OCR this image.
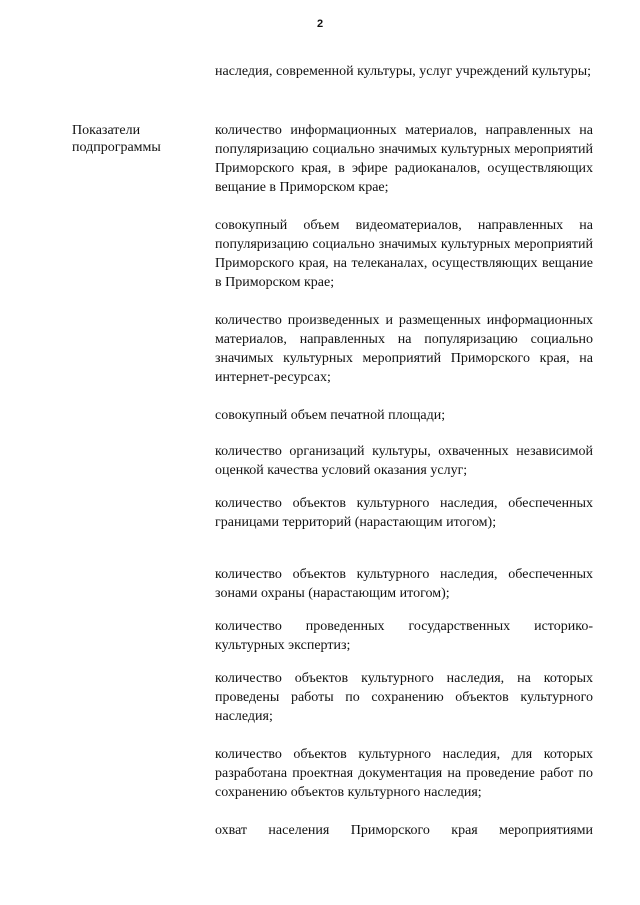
2
Показатели подпрограммы
наследия, современной культуры, услуг учреждений культуры;
количество информационных материалов, направленных на популяризацию социально значимых культурных мероприятий Приморского края, в эфире радиоканалов, осуществляющих вещание в Приморском крае;
совокупный объем видеоматериалов, направленных на популяризацию социально значимых культурных мероприятий Приморского края, на телеканалах, осуществляющих вещание в Приморском крае;
количество произведенных и размещенных информационных материалов, направленных на популяризацию социально значимых культурных мероприятий Приморского края, на интернет-ресурсах;
совокупный объем печатной площади;
количество организаций культуры, охваченных независимой оценкой качества условий оказания услуг;
количество объектов культурного наследия, обеспеченных границами территорий (нарастающим итогом);
количество объектов культурного наследия, обеспеченных зонами охраны (нарастающим итогом);
количество проведенных государственных историко-культурных экспертиз;
количество объектов культурного наследия, на которых проведены работы по сохранению объектов культурного наследия;
количество объектов культурного наследия, для которых разработана проектная документация на проведение работ по сохранению объектов культурного наследия;
охват населения Приморского края мероприятиями
